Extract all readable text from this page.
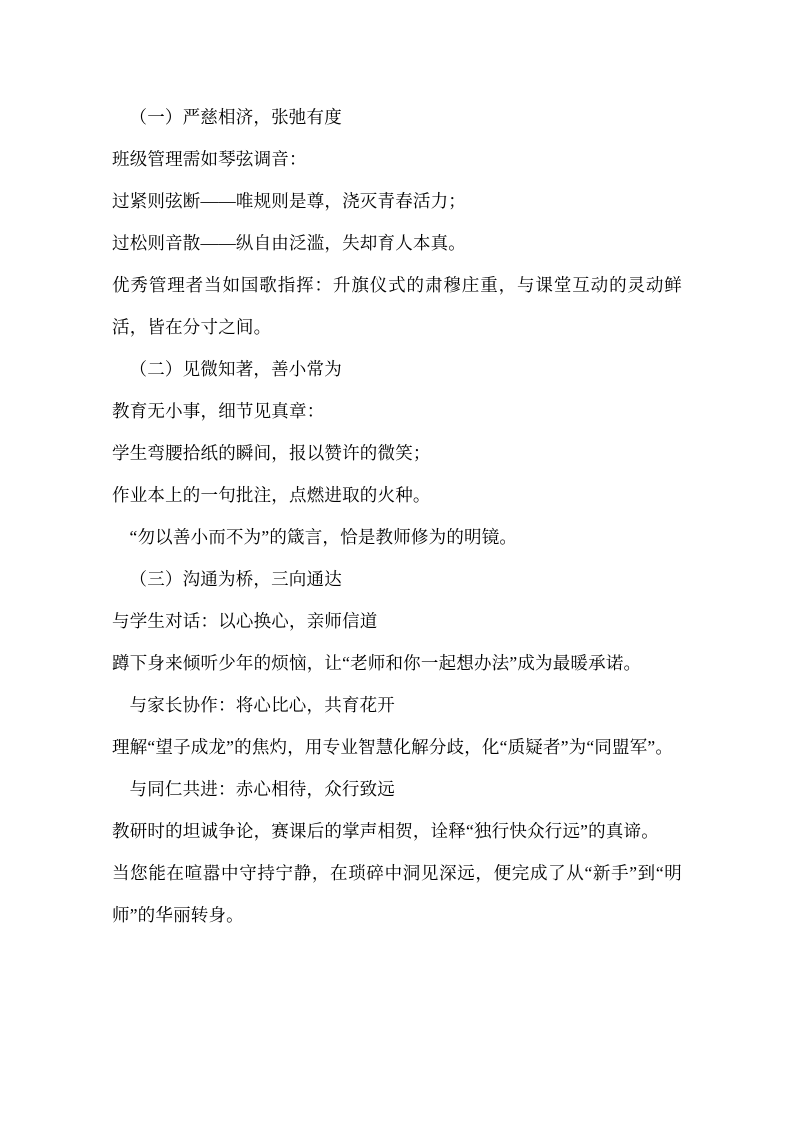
（一）严慈相济，张弛有度

班级管理需如琴弦调音：

过紧则弦断——唯规则是尊，浇灭青春活力；

过松则音散——纵自由泛滥，失却育人本真。

优秀管理者当如国歌指挥：升旗仪式的肃穆庄重，与课堂互动的灵动鲜活，皆在分寸之间。

（二）见微知著，善小常为

教育无小事，细节见真章：

学生弯腰拾纸的瞬间，报以赞许的微笑；

作业本上的一句批注，点燃进取的火种。

“勿以善小而不为”的箴言，恰是教师修为的明镜。

（三）沟通为桥，三向通达

与学生对话：以心换心，亲师信道

蹲下身来倾听少年的烦恼，让“老师和你一起想办法”成为最暖承诺。

与家长协作：将心比心，共育花开

理解“望子成龙”的焦灼，用专业智慧化解分歧，化“质疑者”为“同盟军”。

与同仁共进：赤心相待，众行致远

教研时的坦诚争论，赛课后的掌声相贺，诠释“独行快众行远”的真谛。

当您能在喧嚣中守持宁静，在琐碎中洞见深远，便完成了从“新手”到“明师”的华丽转身。
